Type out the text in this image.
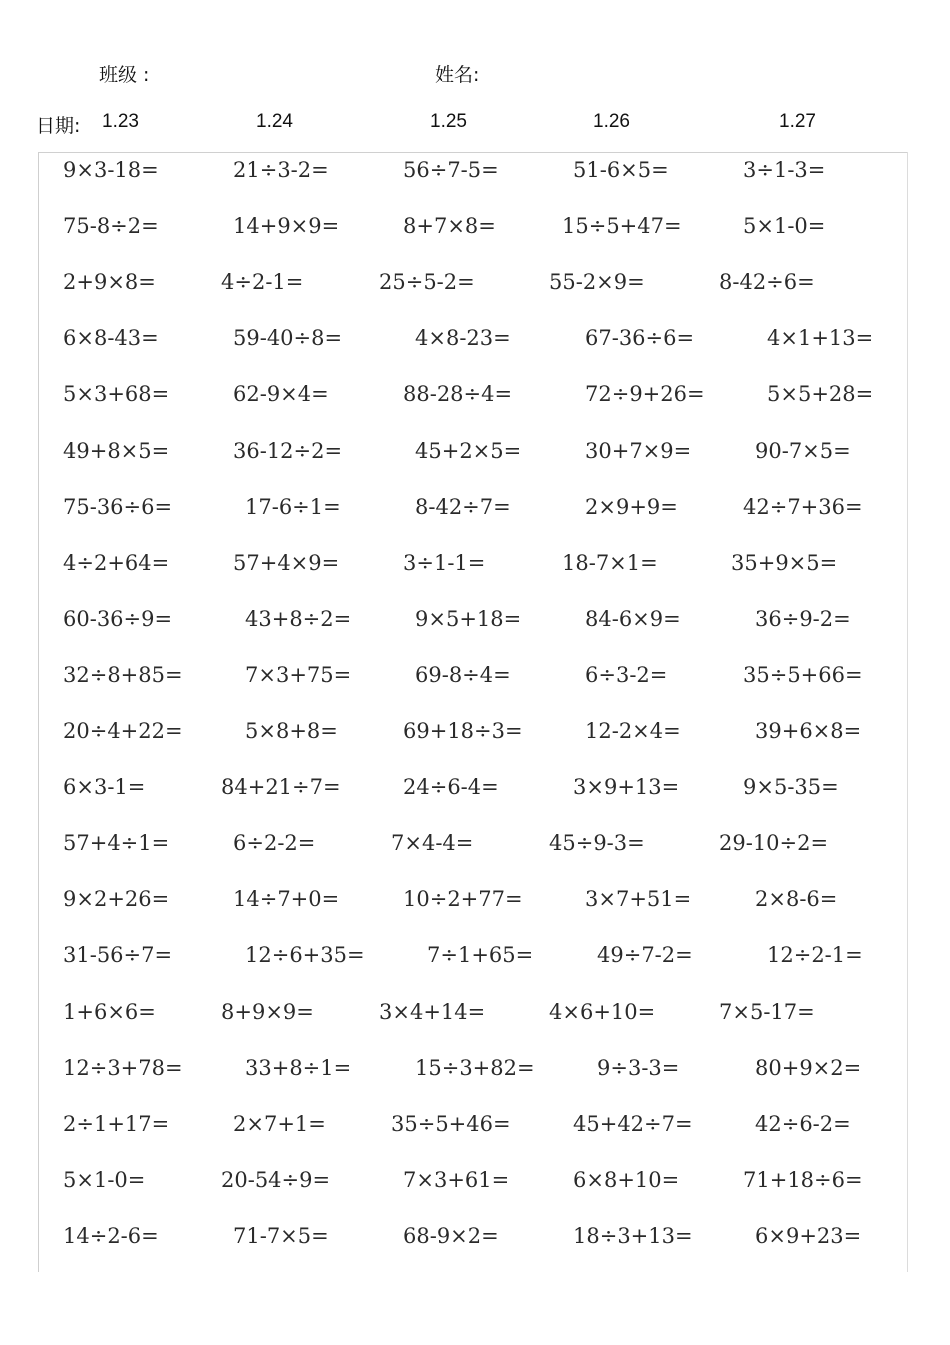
班级 :	姓名:
日期: 1.23	1.24	1.25	1.26	1.27
9×3-18=	21÷3-2=	56÷7-5=	51-6×5=	3÷1-3=
75-8÷2=	14+9×9=	8+7×8=	15÷5+47=	5×1-0=
2+9×8=	4÷2-1=	25÷5-2=	55-2×9=	8-42÷6=
6×8-43=	59-40÷8=	4×8-23=	67-36÷6=	4×1+13=
5×3+68=	62-9×4=	88-28÷4=	72÷9+26=	5×5+28=
49+8×5=	36-12÷2=	45+2×5=	30+7×9=	90-7×5=
75-36÷6=	17-6÷1=	8-42÷7=	2×9+9=	42÷7+36=
4÷2+64=	57+4×9=	3÷1-1=	18-7×1=	35+9×5=
60-36÷9=	43+8÷2=	9×5+18=	84-6×9=	36÷9-2=
32÷8+85=	7×3+75=	69-8÷4=	6÷3-2=	35÷5+66=
20÷4+22=	5×8+8=	69+18÷3=	12-2×4=	39+6×8=
6×3-1=	84+21÷7=	24÷6-4=	3×9+13=	9×5-35=
57+4÷1=	6÷2-2=	7×4-4=	45÷9-3=	29-10÷2=
9×2+26=	14÷7+0=	10÷2+77=	3×7+51=	2×8-6=
31-56÷7=	12÷6+35=	7÷1+65=	49÷7-2=	12÷2-1=
1+6×6=	8+9×9=	3×4+14=	4×6+10=	7×5-17=
12÷3+78=	33+8÷1=	15÷3+82=	9÷3-3=	80+9×2=
2÷1+17=	2×7+1=	35÷5+46=	45+42÷7=	42÷6-2=
5×1-0=	20-54÷9=	7×3+61=	6×8+10=	71+18÷6=
14÷2-6=	71-7×5=	68-9×2=	18÷3+13=	6×9+23=
